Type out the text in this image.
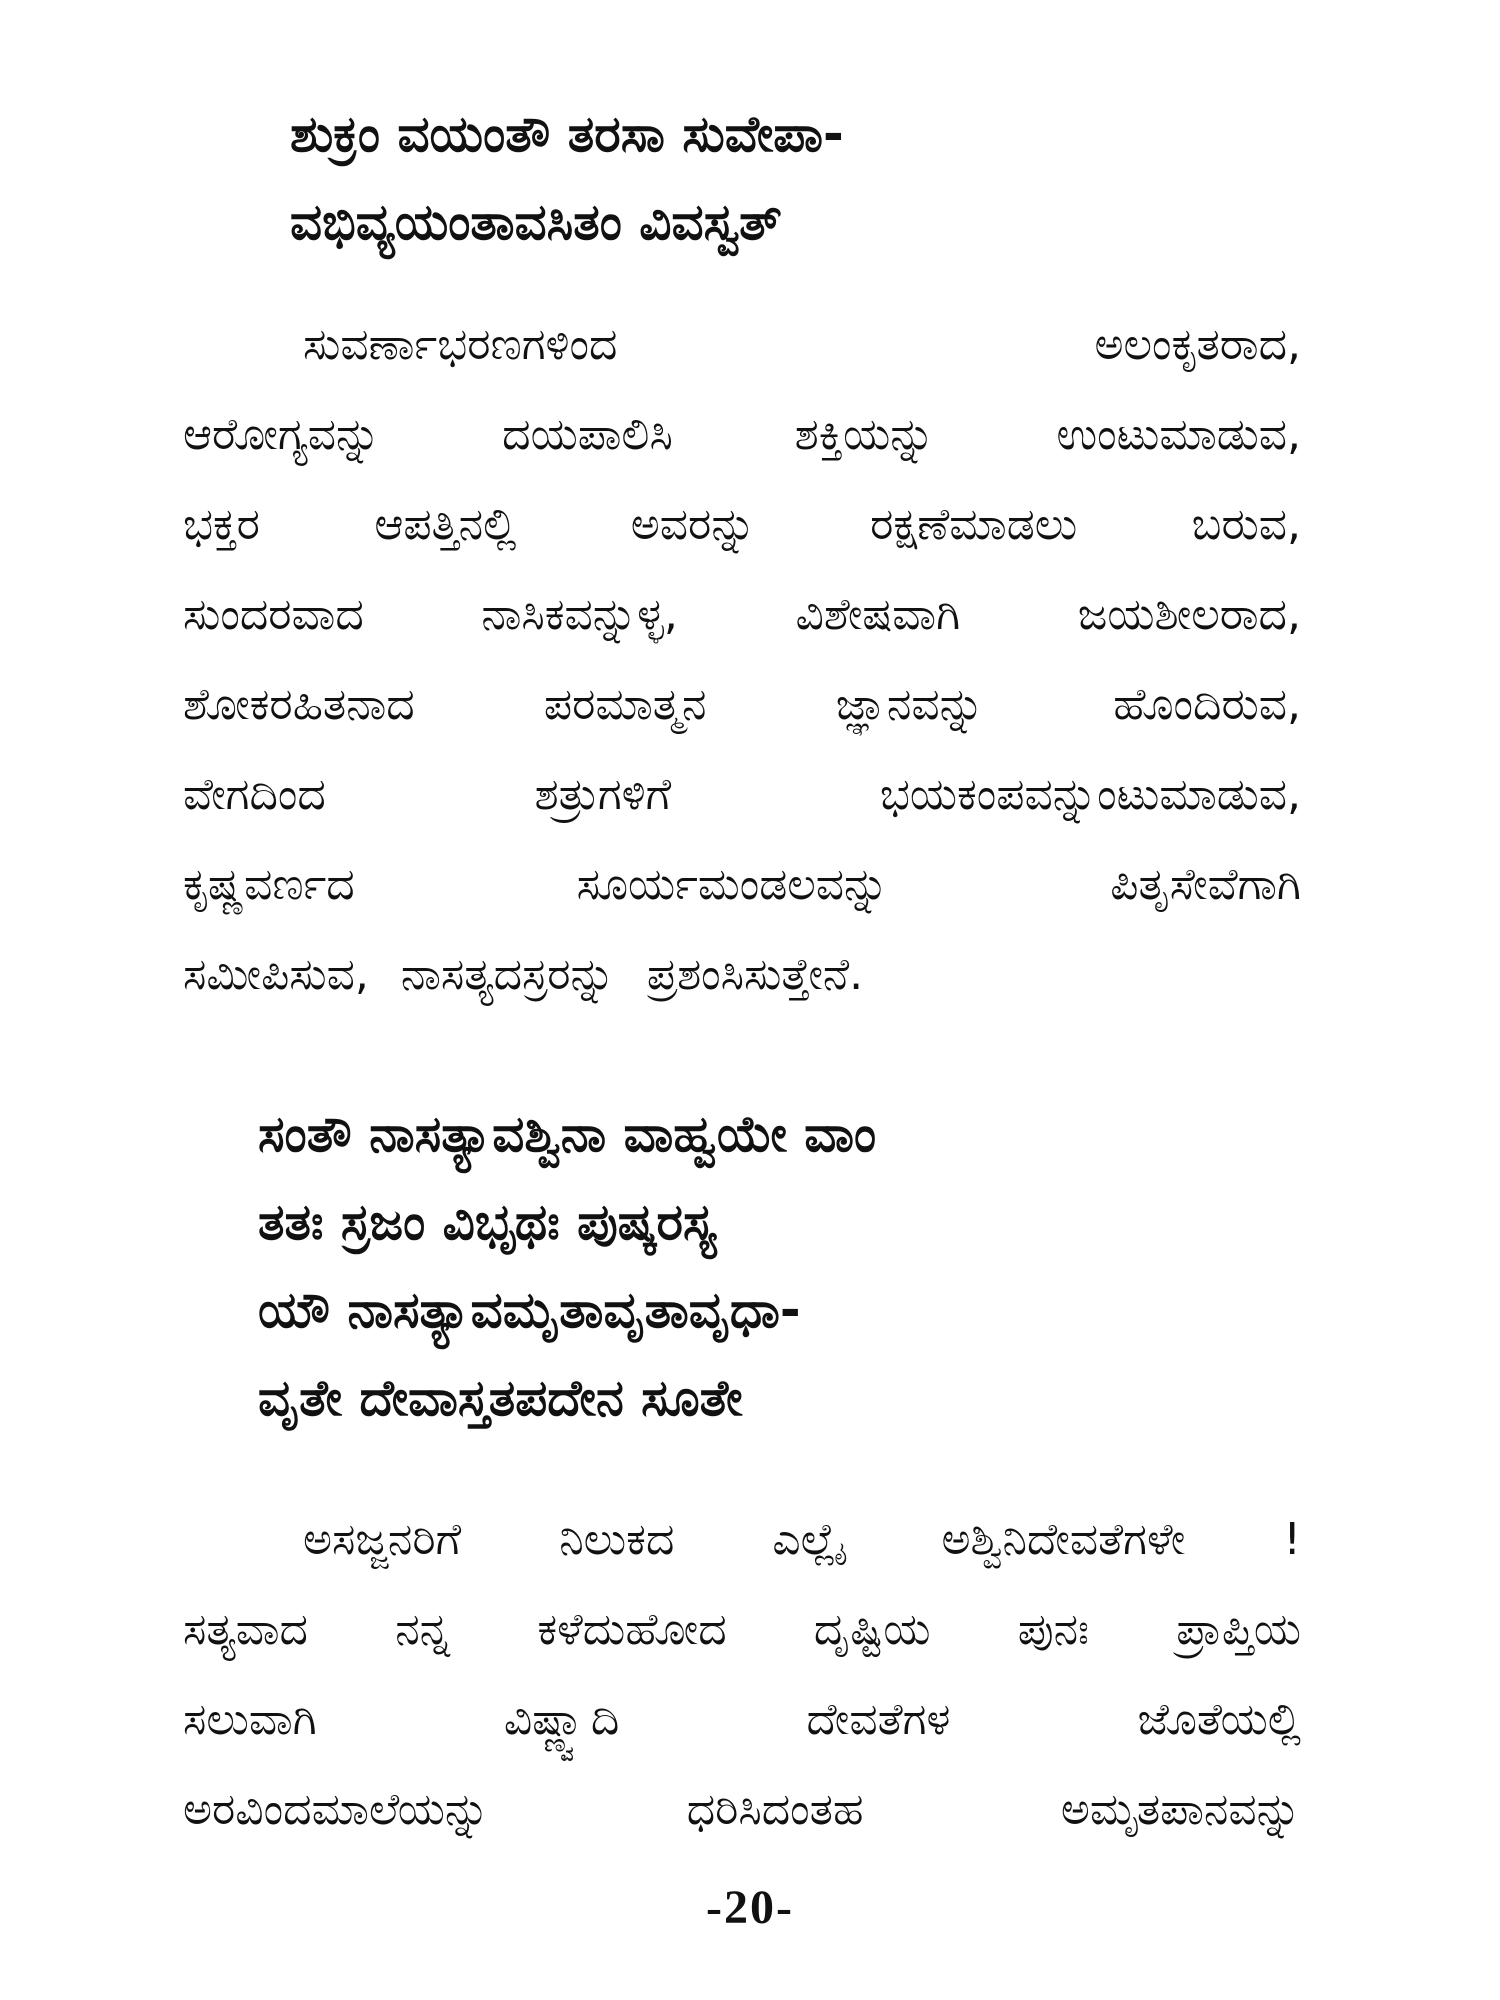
ಶುಕ್ರಂ ವಯಂತೌ ತರಸಾ ಸುವೇಪಾ-
ವಭಿವ್ಯಯಂತಾವಸಿತಂ ವಿವಸ್ವತ್
ಸುವರ್ಣಾಭರಣಗಳಿಂದ	ಅಲಂಕೃತರಾದ,
ಆರೋಗ್ಯವನ್ನು	ದಯಪಾಲಿಸಿ	ಶಕ್ತಿಯನ್ನು	ಉಂಟುಮಾಡುವ,
ಭಕ್ತರ	ಆಪತ್ತಿನಲ್ಲಿ	ಅವರನ್ನು	ರಕ್ಷಣೆಮಾಡಲು	ಬರುವ,
ಸುಂದರವಾದ	ನಾಸಿಕವನ್ನುಳ್ಳ,	ವಿಶೇಷವಾಗಿ	ಜಯಶೀಲರಾದ,
ಶೋಕರಹಿತನಾದ	ಪರಮಾತ್ಮನ	ಜ್ಞಾನವನ್ನು	ಹೊಂದಿರುವ,
ವೇಗದಿಂದ	ಶತ್ರುಗಳಿಗೆ	ಭಯಕಂಪವನ್ನುಂಟುಮಾಡುವ,
ಕೃಷ್ಣವರ್ಣದ	ಸೂರ್ಯಮಂಡಲವನ್ನು	ಪಿತೃಸೇವೆಗಾಗಿ
ಸಮೀಪಿಸುವ, ನಾಸತ್ಯದಸ್ರರನ್ನು ಪ್ರಶಂಸಿಸುತ್ತೇನೆ.
ಸಂತೌ ನಾಸತ್ಯಾವಶ್ವಿನಾ ವಾಹ್ವಯೇ ವಾಂ
ತತಃ ಸ್ರಜಂ ವಿಭೃಥಃ ಪುಷ್ಕರಸ್ಯ
ಯೌ ನಾಸತ್ಯಾವಮೃತಾವೃತಾವೃಧಾ-
ವೃತೇ ದೇವಾಸ್ತತಪದೇನ ಸೂತೇ
ಅಸಜ್ಜನರಿಗೆ ನಿಲುಕದ ಎಲ್ಲೈ ಅಶ್ವಿನಿದೇವತೆಗಳೇ !
ಸತ್ಯವಾದ ನನ್ನ ಕಳೆದುಹೋದ ದೃಷ್ಟಿಯ ಪುನಃ ಪ್ರಾಪ್ತಿಯ
ಸಲುವಾಗಿ	ವಿಷ್ಣ್ವಾದಿ	ದೇವತೆಗಳ	ಜೊತೆಯಲ್ಲಿ
ಅರವಿಂದಮಾಲೆಯನ್ನು	ಧರಿಸಿದಂತಹ	ಅಮೃತಪಾನವನ್ನು
-20-
